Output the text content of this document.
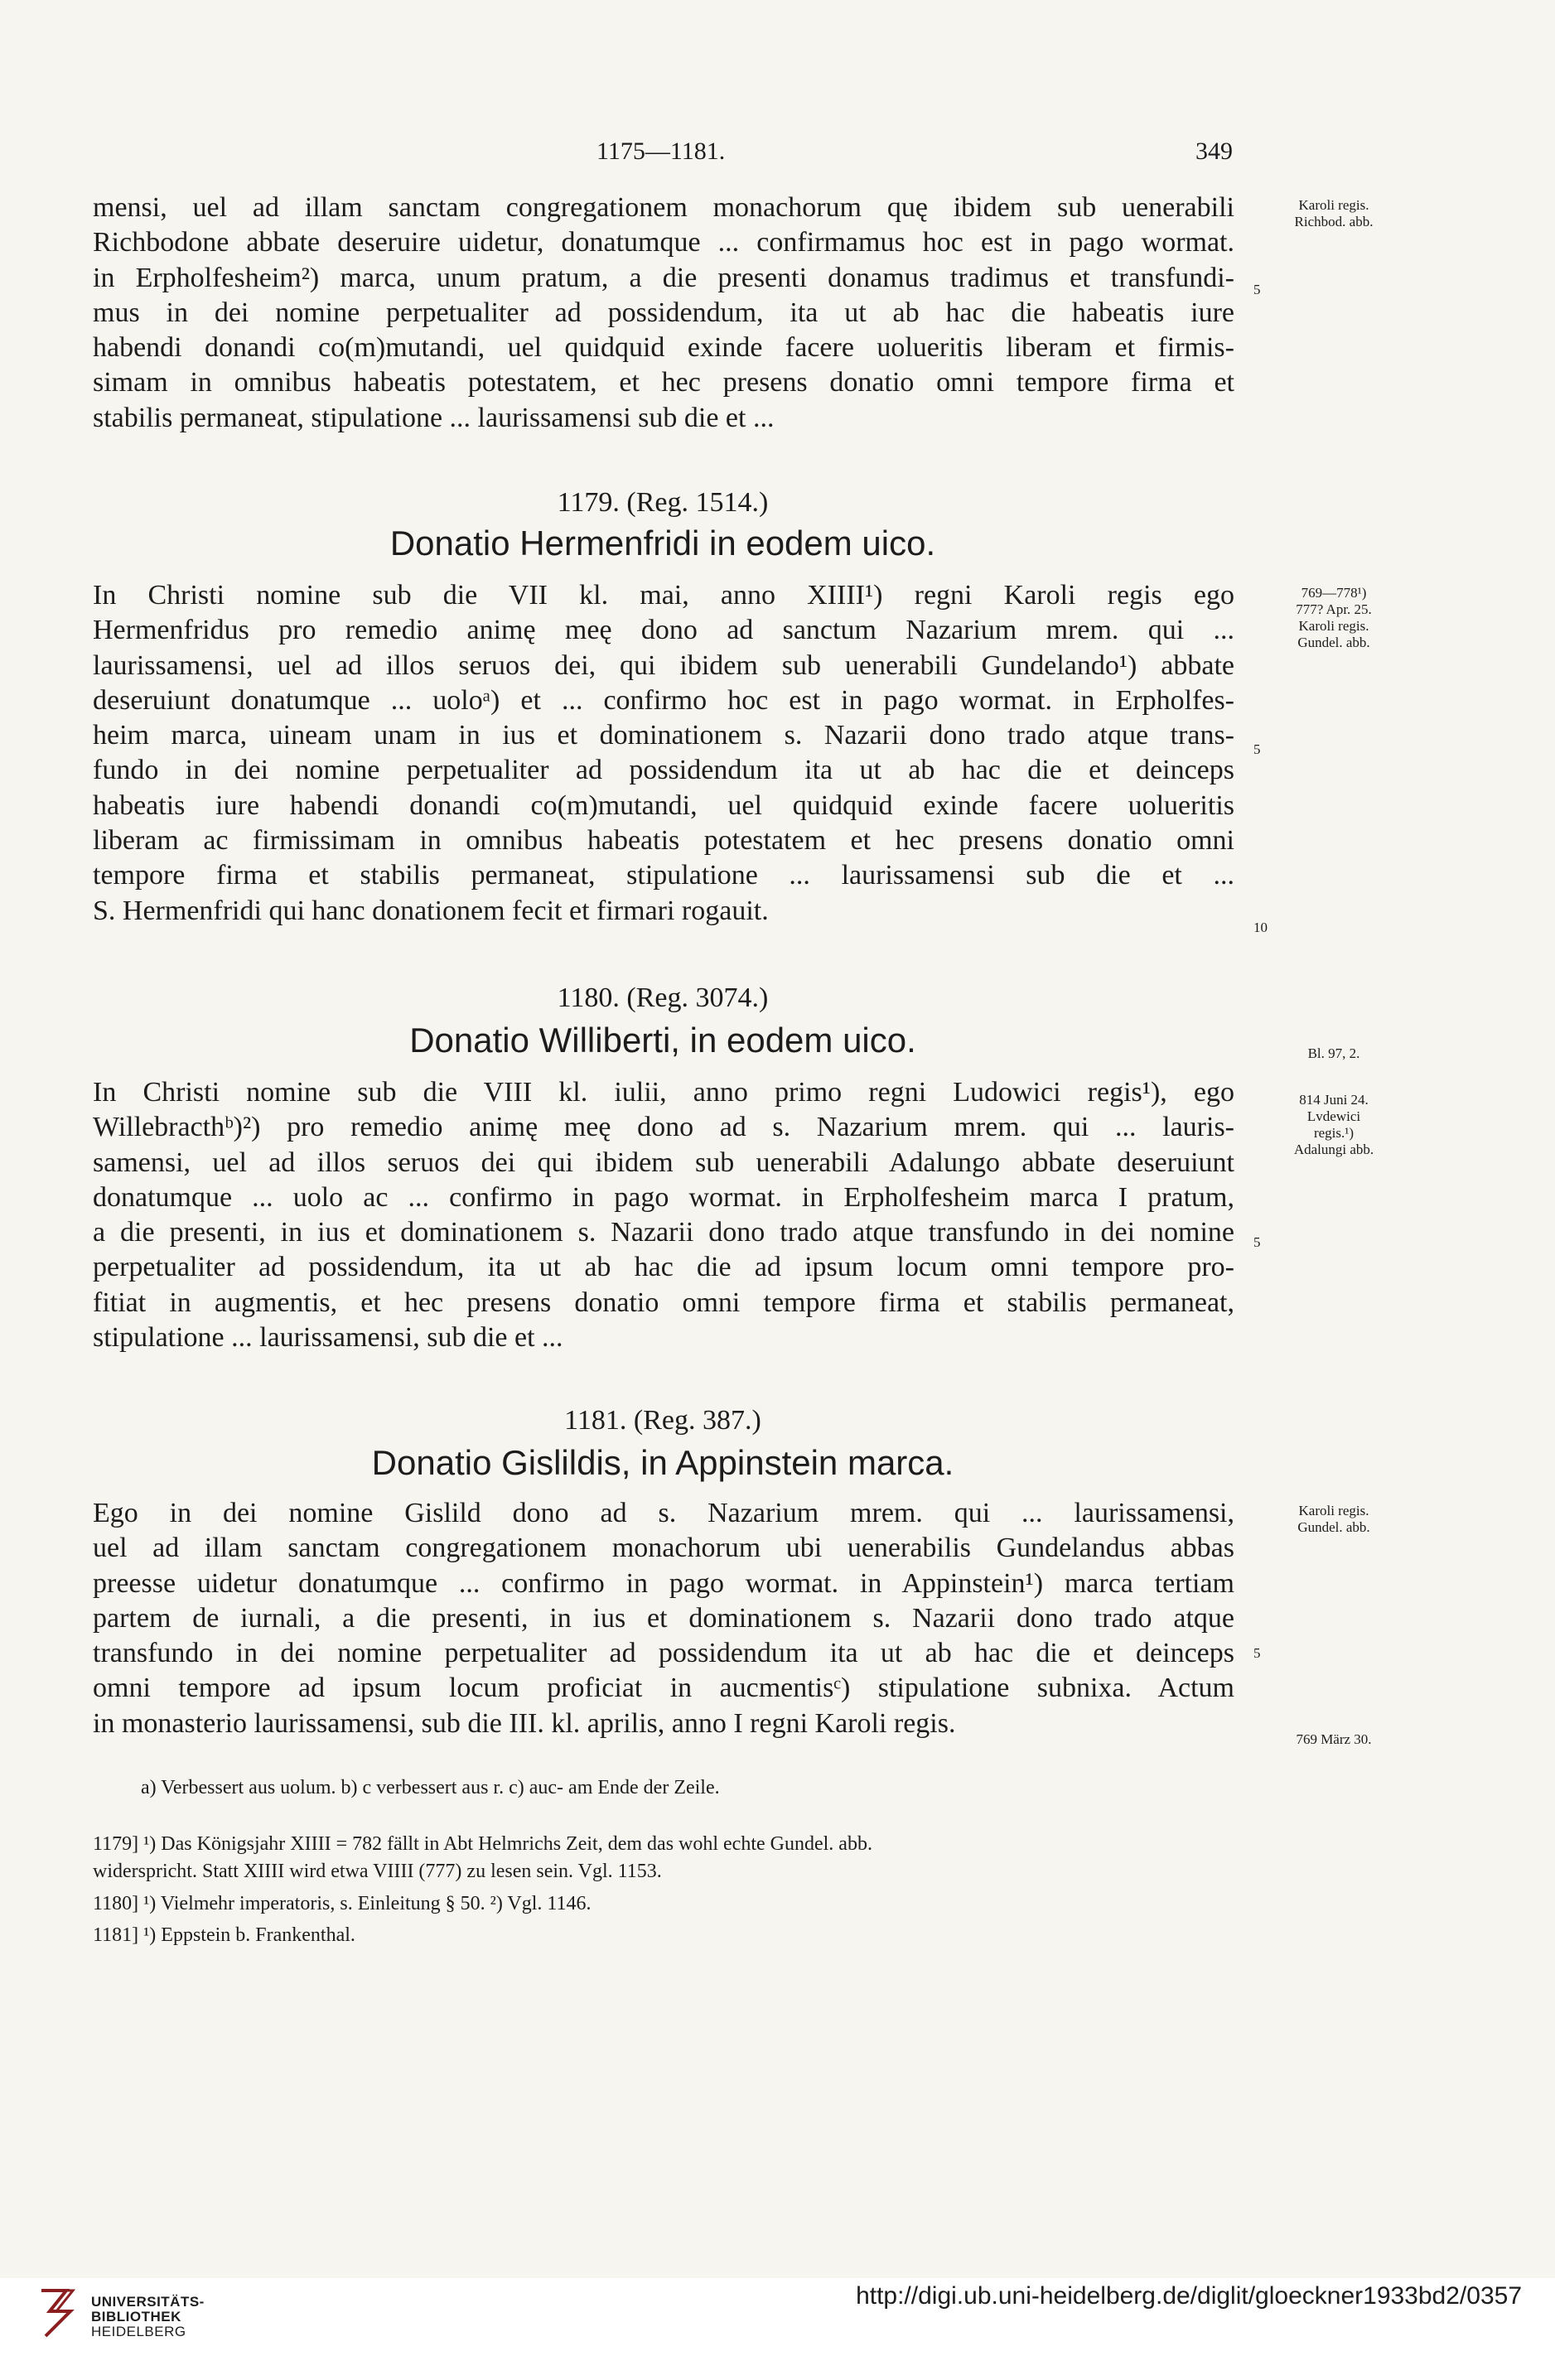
1175—1181.	349
mensi, uel ad illam sanctam congregationem monachorum quę ibidem sub uenerabili
Richbodone abbate deseruire uidetur, donatumque ... confirmamus hoc est in pago wormat.
in Erpholfesheim²) marca, unum pratum, a die presenti donamus tradimus et transfundi-
mus in dei nomine perpetualiter ad possidendum, ita ut ab hac die habeatis iure
habendi donandi co(m)mutandi, uel quidquid exinde facere uolueritis liberam et firmis-
simam in omnibus habeatis potestatem, et hec presens donatio omni tempore firma et
stabilis permaneat, stipulatione ... laurissamensi sub die et ...
Karoli regis.
Richbod. abb.
5
1179. (Reg. 1514.)
Donatio Hermenfridi in eodem uico.
In Christi nomine sub die VII kl. mai, anno XIIII¹) regni Karoli regis ego
Hermenfridus pro remedio animę meę dono ad sanctum Nazarium mrem. qui ...
laurissamensi, uel ad illos seruos dei, qui ibidem sub uenerabili Gundelando¹) abbate
deseruiunt donatumque ... uoloᵃ) et ... confirmo hoc est in pago wormat. in Erpholfes-
heim marca, uineam unam in ius et dominationem s. Nazarii dono trado atque trans-
fundo in dei nomine perpetualiter ad possidendum ita ut ab hac die et deinceps
habeatis iure habendi donandi co(m)mutandi, uel quidquid exinde facere uolueritis
liberam ac firmissimam in omnibus habeatis potestatem et hec presens donatio omni
tempore firma et stabilis permaneat, stipulatione ... laurissamensi sub die et ...
S. Hermenfridi qui hanc donationem fecit et firmari rogauit.
769—778¹)
777? Apr. 25.
Karoli regis.
Gundel. abb.
5
10
1180. (Reg. 3074.)
Donatio Williberti, in eodem uico.	Bl. 97, 2.
In Christi nomine sub die VIII kl. iulii, anno primo regni Ludowici regis¹), ego
Willebracthᵇ)²) pro remedio animę meę dono ad s. Nazarium mrem. qui ... lauris-
samensi, uel ad illos seruos dei qui ibidem sub uenerabili Adalungo abbate deseruiunt
donatumque ... uolo ac ... confirmo in pago wormat. in Erpholfesheim marca I pratum,
a die presenti, in ius et dominationem s. Nazarii dono trado atque transfundo in dei nomine
perpetualiter ad possidendum, ita ut ab hac die ad ipsum locum omni tempore pro-
fitiat in augmentis, et hec presens donatio omni tempore firma et stabilis permaneat,
stipulatione ... laurissamensi, sub die et ...
814 Juni 24.
Lvdewici
regis.¹)
Adalungi abb.
5
1181. (Reg. 387.)
Donatio Gislildis, in Appinstein marca.
Ego in dei nomine Gislild dono ad s. Nazarium mrem. qui ... laurissamensi,
uel ad illam sanctam congregationem monachorum ubi uenerabilis Gundelandus abbas
preesse uidetur donatumque ... confirmo in pago wormat. in Appinstein¹) marca tertiam
partem de iurnali, a die presenti, in ius et dominationem s. Nazarii dono trado atque
transfundo in dei nomine perpetualiter ad possidendum ita ut ab hac die et deinceps
omni tempore ad ipsum locum proficiat in aucmentisᶜ) stipulatione subnixa. Actum
in monasterio laurissamensi, sub die III. kl. aprilis, anno I regni Karoli regis.
Karoli regis.
Gundel. abb.
5
769 März 30.
a) Verbessert aus uolum. b) c verbessert aus r. c) auc- am Ende der Zeile.
1179] ¹) Das Königsjahr XIIII = 782 fällt in Abt Helmrichs Zeit, dem das wohl echte Gundel. abb.
widerspricht. Statt XIIII wird etwa VIIII (777) zu lesen sein. Vgl. 1153.
1180] ¹) Vielmehr imperatoris, s. Einleitung § 50. ²) Vgl. 1146.
1181] ¹) Eppstein b. Frankenthal.
UNIVERSITÄTS-
BIBLIOTHEK
HEIDELBERG
http://digi.ub.uni-heidelberg.de/diglit/gloeckner1933bd2/0357
